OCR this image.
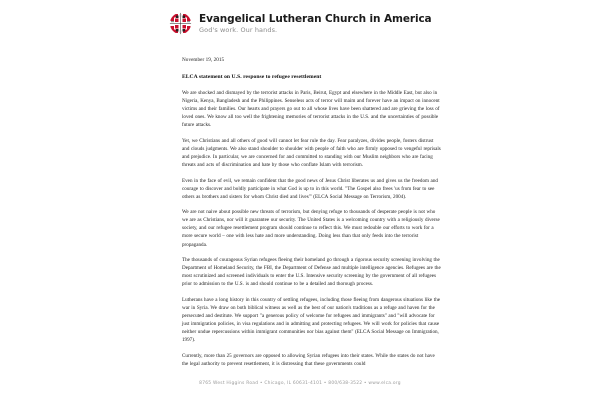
Evangelical Lutheran Church in America
God's work. Our hands.
November 19, 2015
ELCA statement on U.S. response to refugee resettlement

We are shocked and dismayed by the terrorist attacks in Paris, Beirut, Egypt and elsewhere in the Middle East, but also in Nigeria, Kenya, Bangladesh and the Philippines. Senseless acts of terror will maim and forever have an impact on innocent victims and their families. Our hearts and prayers go out to all whose lives have been shattered and are grieving the loss of loved ones. We know all too well the frightening memories of terrorist attacks in the U.S. and the uncertainties of possible future attacks.

Yet, we Christians and all others of good will cannot let fear rule the day. Fear paralyzes, divides people, fosters distrust and clouds judgments. We also stand shoulder to shoulder with people of faith who are firmly opposed to vengeful reprisals and prejudice. In particular, we are concerned for and committed to standing with our Muslim neighbors who are facing threats and acts of discrimination and hate by those who conflate Islam with terrorism.

Even in the face of evil, we remain confident that the good news of Jesus Christ liberates us and gives us the freedom and courage to discover and boldly participate in what God is up to in this world. "The Gospel also frees 'us from fear to see others as brothers and sisters for whom Christ died and lives'" (ELCA Social Message on Terrorism, 2004).

We are not naive about possible new threats of terrorism, but denying refuge to thousands of desperate people is not who we are as Christians, nor will it guarantee our security. The United States is a welcoming country with a religiously diverse society, and our refugee resettlement program should continue to reflect this. We must redouble our efforts to work for a more secure world – one with less hate and more understanding. Doing less than that only feeds into the terrorist propaganda.

The thousands of courageous Syrian refugees fleeing their homeland go through a rigorous security screening involving the Department of Homeland Security, the FBI, the Department of Defense and multiple intelligence agencies. Refugees are the most scrutinized and screened individuals to enter the U.S. Intensive security screening by the government of all refugees prior to admission to the U.S. is and should continue to be a detailed and thorough process.

Lutherans have a long history in this country of settling refugees, including those fleeing from dangerous situations like the war in Syria. We draw on both biblical witness as well as the best of our nation's traditions as a refuge and haven for the persecuted and destitute. We support "a generous policy of welcome for refugees and immigrants" and "will advocate for just immigration policies, in visa regulations and in admitting and protecting refugees. We will work for policies that cause neither undue repercussions within immigrant communities nor bias against them" (ELCA Social Message on Immigration, 1997).

Currently, more than 25 governors are opposed to allowing Syrian refugees into their states. While the states do not have the legal authority to prevent resettlement, it is distressing that these governments could

8765 West Higgins Road • Chicago, IL 60631-4101 • 800/638-3522 • www.elca.org
